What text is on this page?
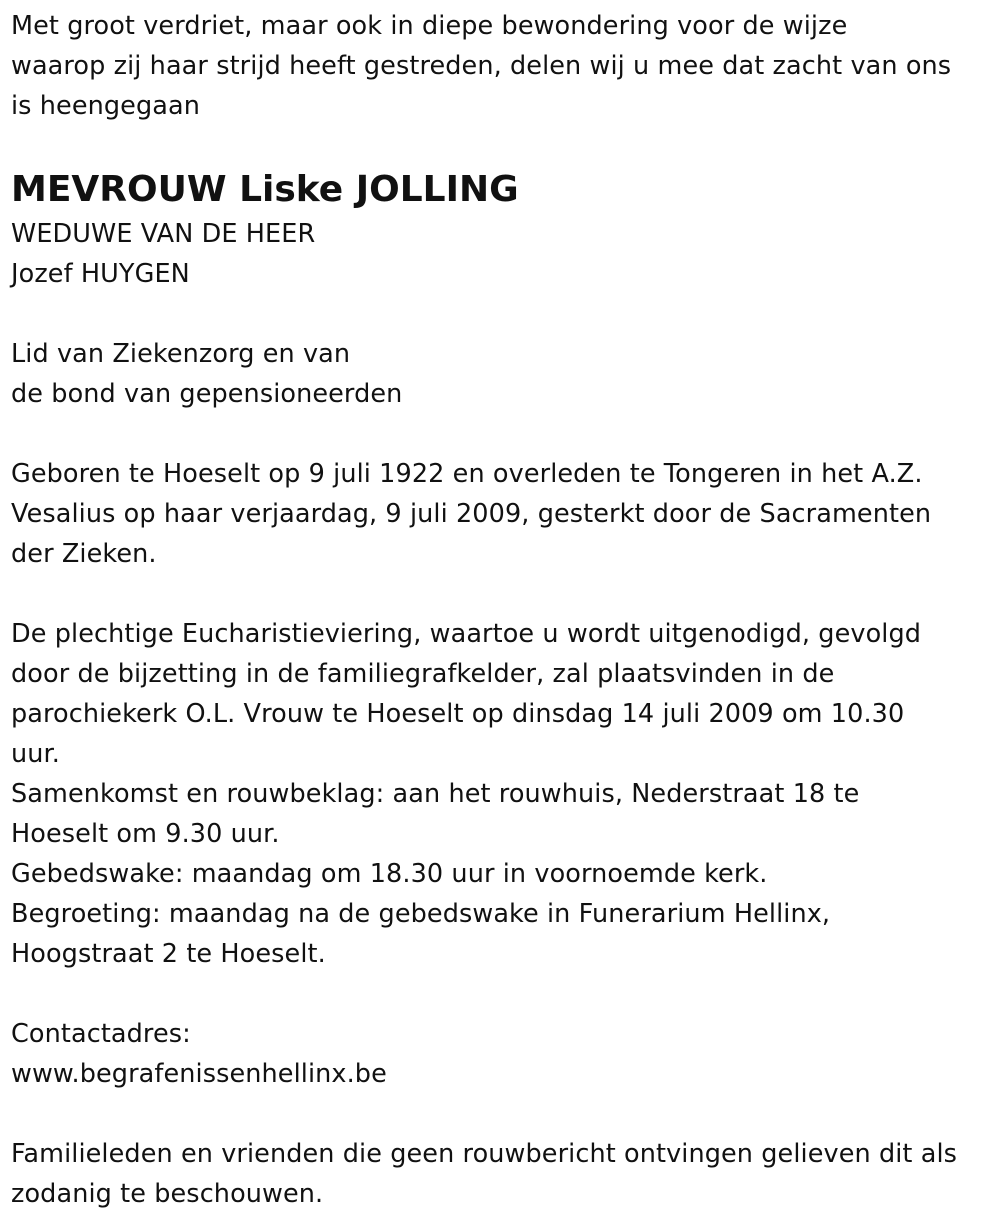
Met groot verdriet, maar ook in diepe bewondering voor de wijze
waarop zij haar strijd heeft gestreden, delen wij u mee dat zacht van ons
is heengegaan
MEVROUW Liske JOLLING
WEDUWE VAN DE HEER
Jozef HUYGEN
Lid van Ziekenzorg en van
de bond van gepensioneerden
Geboren te Hoeselt op 9 juli 1922 en overleden te Tongeren in het A.Z.
Vesalius op haar verjaardag, 9 juli 2009, gesterkt door de Sacramenten
der Zieken.
De plechtige Eucharistieviering, waartoe u wordt uitgenodigd, gevolgd
door de bijzetting in de familiegrafkelder, zal plaatsvinden in de
parochiekerk O.L. Vrouw te Hoeselt op dinsdag 14 juli 2009 om 10.30
uur.
Samenkomst en rouwbeklag: aan het rouwhuis, Nederstraat 18 te
Hoeselt om 9.30 uur.
Gebedswake: maandag om 18.30 uur in voornoemde kerk.
Begroeting: maandag na de gebedswake in Funerarium Hellinx,
Hoogstraat 2 te Hoeselt.
Contactadres:
www.begrafenissenhellinx.be
Familieleden en vrienden die geen rouwbericht ontvingen gelieven dit als
zodanig te beschouwen.
